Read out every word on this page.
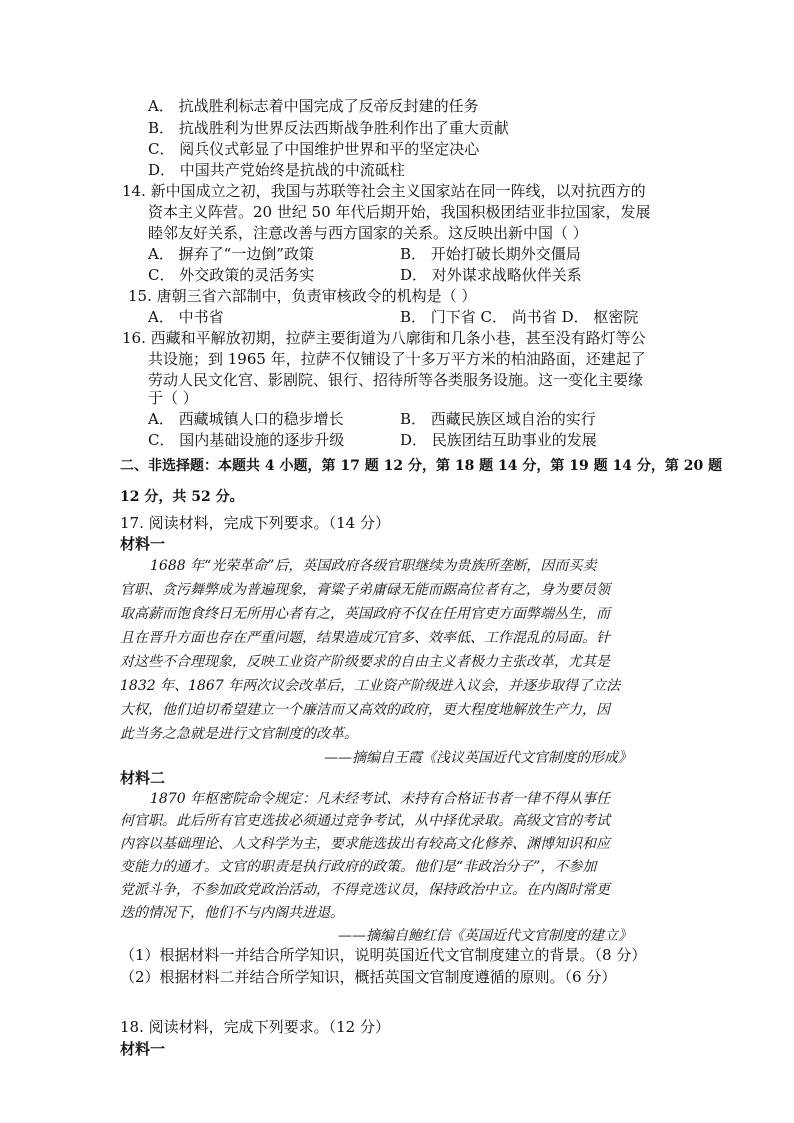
A． 抗战胜利标志着中国完成了反帝反封建的任务
B． 抗战胜利为世界反法西斯战争胜利作出了重大贡献
C． 阅兵仪式彰显了中国维护世界和平的坚定决心
D． 中国共产党始终是抗战的中流砥柱
14. 新中国成立之初，我国与苏联等社会主义国家站在同一阵线，以对抗西方的
资本主义阵营。20 世纪 50 年代后期开始，我国积极团结亚非拉国家，发展
睦邻友好关系，注意改善与西方国家的关系。这反映出新中国（ ）
A． 摒弃了“一边倒”政策	B． 开始打破长期外交僵局
C． 外交政策的灵活务实	D． 对外谋求战略伙伴关系
15. 唐朝三省六部制中，负责审核政令的机构是（ ）
A． 中书省	B． 门下省 C． 尚书省 D． 枢密院
16. 西藏和平解放初期，拉萨主要街道为八廓街和几条小巷，甚至没有路灯等公
共设施；到 1965 年，拉萨不仅铺设了十多万平方米的柏油路面，还建起了
劳动人民文化宫、影剧院、银行、招待所等各类服务设施。这一变化主要缘
于（ ）
A． 西藏城镇人口的稳步增长	B． 西藏民族区域自治的实行
C． 国内基础设施的逐步升级	D． 民族团结互助事业的发展
二、非选择题：本题共 4 小题，第 17 题 12 分，第 18 题 14 分，第 19 题 14 分，第 20 题
12 分，共 52 分。
17. 阅读材料，完成下列要求。（14 分）
材料一
1688 年“光荣革命”后，英国政府各级官职继续为贵族所垄断，因而买卖
官职、贪污舞弊成为普遍现象，膏粱子弟庸碌无能而踞高位者有之，身为要员领
取高薪而饱食终日无所用心者有之，英国政府不仅在任用官吏方面弊端丛生，而
且在晋升方面也存在严重问题，结果造成冗官多、效率低、工作混乱的局面。针
对这些不合理现象，反映工业资产阶级要求的自由主义者极力主张改革，尤其是
1832 年、1867 年两次议会改革后，工业资产阶级进入议会，并逐步取得了立法
大权，他们迫切希望建立一个廉洁而又高效的政府，更大程度地解放生产力，因
此当务之急就是进行文官制度的改革。
——摘编自王霞《浅议英国近代文官制度的形成》
材料二
1870 年枢密院命令规定：凡未经考试、未持有合格证书者一律不得从事任
何官职。此后所有官吏选拔必须通过竞争考试，从中择优录取。高级文官的考试
内容以基础理论、人文科学为主，要求能选拔出有较高文化修养、渊博知识和应
变能力的通才。文官的职责是执行政府的政策。他们是“非政治分子”，不参加
党派斗争，不参加政党政治活动，不得竞选议员，保持政治中立。在内阁时常更
迭的情况下，他们不与内阁共进退。
——摘编自鲍红信《英国近代文官制度的建立》
（1）根据材料一并结合所学知识，说明英国近代文官制度建立的背景。（8 分）
（2）根据材料二并结合所学知识，概括英国文官制度遵循的原则。（6 分）
18. 阅读材料，完成下列要求。（12 分）
材料一
